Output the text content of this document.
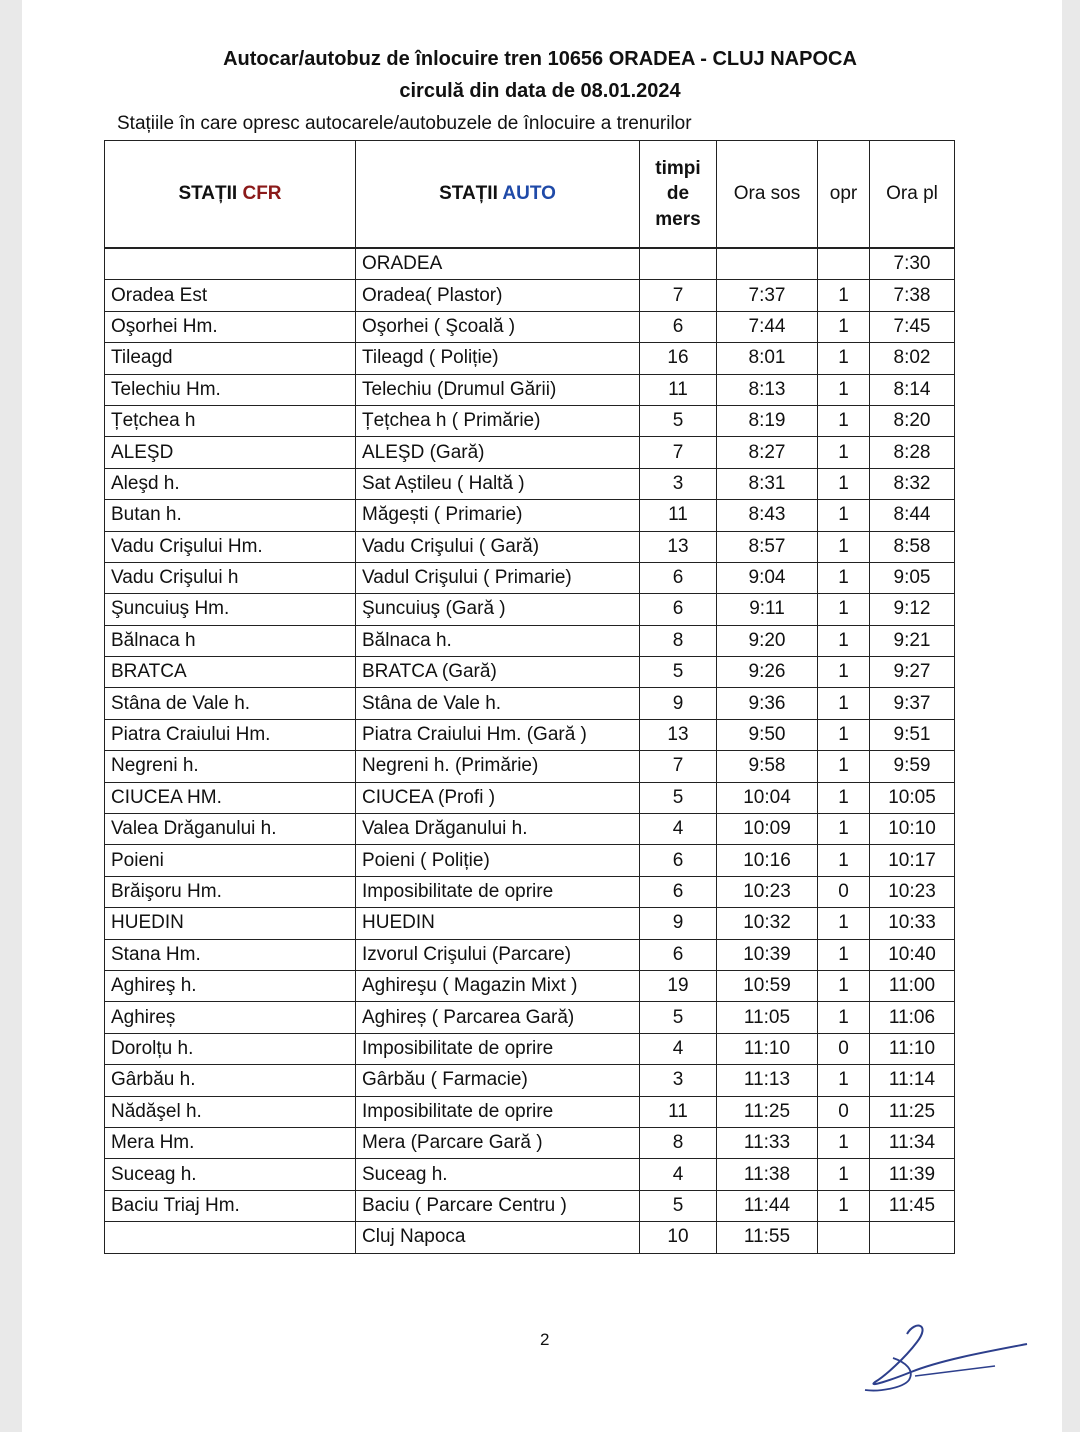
Autocar/autobuz de înlocuire tren 10656 ORADEA - CLUJ NAPOCA
circulă din data de 08.01.2024
Stațiile în care opresc autocarele/autobuzele de înlocuire a trenurilor
STAȚII CFR	STAȚII AUTO	timpi
de
mers	Ora sos	opr	Ora pl
	ORADEA				7:30
Oradea Est	Oradea( Plastor)	7	7:37	1	7:38
Oşorhei Hm.	Oşorhei ( Şcoală )	6	7:44	1	7:45
Tileagd	Tileagd ( Poliție)	16	8:01	1	8:02
Telechiu Hm.	Telechiu (Drumul Gării)	11	8:13	1	8:14
Țețchea h	Țețchea h ( Primărie)	5	8:19	1	8:20
ALEŞD	ALEŞD (Gară)	7	8:27	1	8:28
Aleşd h.	Sat Aștileu ( Haltă )	3	8:31	1	8:32
Butan h.	Măgești ( Primarie)	11	8:43	1	8:44
Vadu Crişului Hm.	Vadu Crişului ( Gară)	13	8:57	1	8:58
Vadu Crişului h	Vadul Crişului ( Primarie)	6	9:04	1	9:05
Şuncuiuş Hm.	Şuncuiuş (Gară )	6	9:11	1	9:12
Bălnaca h	Bălnaca h.	8	9:20	1	9:21
BRATCA	BRATCA (Gară)	5	9:26	1	9:27
Stâna de Vale h.	Stâna de Vale h.	9	9:36	1	9:37
Piatra Craiului Hm.	Piatra Craiului Hm. (Gară )	13	9:50	1	9:51
Negreni h.	Negreni h. (Primărie)	7	9:58	1	9:59
CIUCEA HM.	CIUCEA (Profi )	5	10:04	1	10:05
Valea Drăganului h.	Valea Drăganului h.	4	10:09	1	10:10
Poieni	Poieni ( Poliție)	6	10:16	1	10:17
Brăişoru Hm.	Imposibilitate de oprire	6	10:23	0	10:23
HUEDIN	HUEDIN	9	10:32	1	10:33
Stana Hm.	Izvorul Crişului (Parcare)	6	10:39	1	10:40
Aghireş h.	Aghireşu ( Magazin Mixt )	19	10:59	1	11:00
Aghireș	Aghireș ( Parcarea Gară)	5	11:05	1	11:06
Dorolțu h.	Imposibilitate de oprire	4	11:10	0	11:10
Gârbău h.	Gârbău ( Farmacie)	3	11:13	1	11:14
Nădăşel h.	Imposibilitate de oprire	11	11:25	0	11:25
Mera Hm.	Mera (Parcare Gară )	8	11:33	1	11:34
Suceag h.	Suceag h.	4	11:38	1	11:39
Baciu Triaj Hm.	Baciu ( Parcare Centru )	5	11:44	1	11:45
	Cluj Napoca	10	11:55		
2
